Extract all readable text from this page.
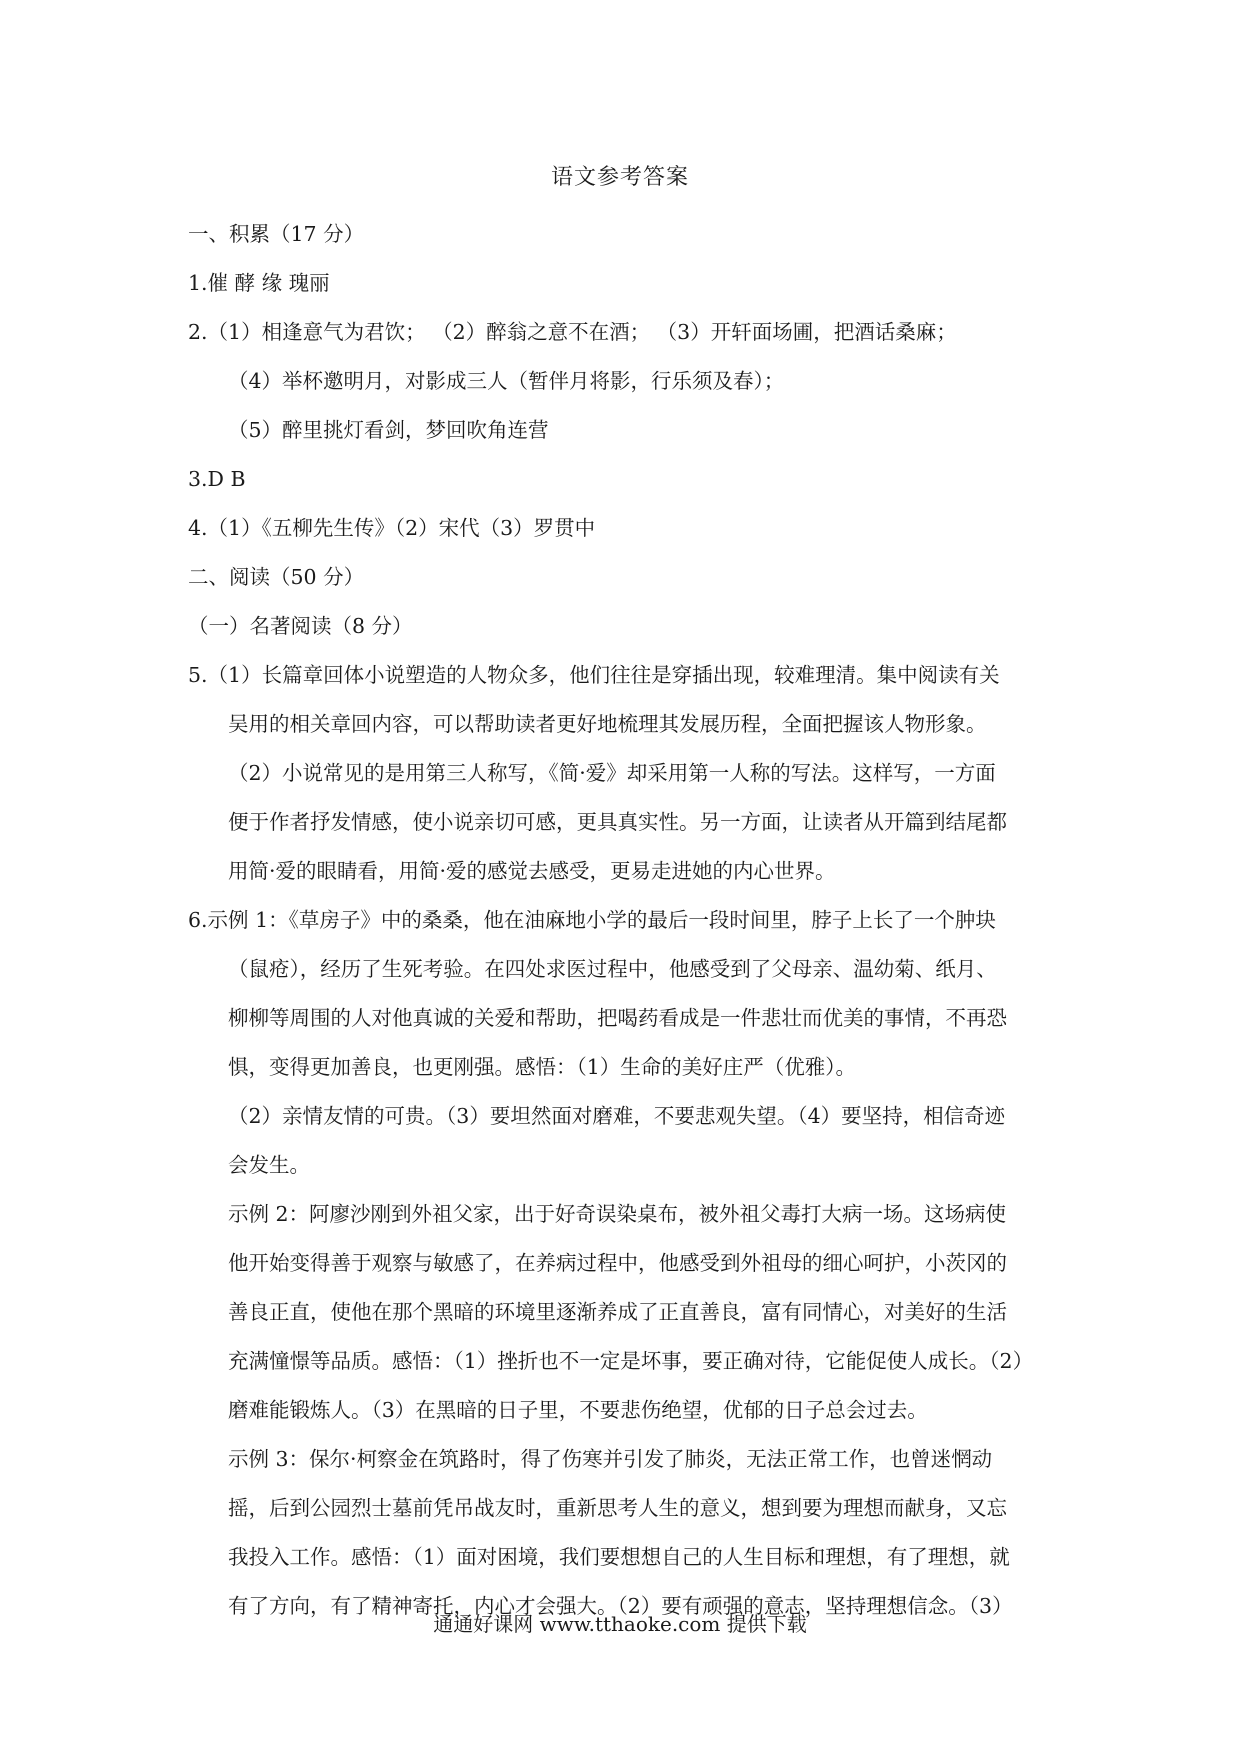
语文参考答案

一、积累（17 分）

1.催 酵 缘 瑰丽

2.（1）相逢意气为君饮； （2）醉翁之意不在酒； （3）开轩面场圃，把酒话桑麻；

（4）举杯邀明月，对影成三人（暂伴月将影，行乐须及春）；

（5）醉里挑灯看剑，梦回吹角连营

3.D B

4.（1）《五柳先生传》（2）宋代（3）罗贯中

二、阅读（50 分）

（一）名著阅读（8 分）

5.（1）长篇章回体小说塑造的人物众多，他们往往是穿插出现，较难理清。集中阅读有关

吴用的相关章回内容，可以帮助读者更好地梳理其发展历程，全面把握该人物形象。

（2）小说常见的是用第三人称写，《简·爱》却采用第一人称的写法。这样写，一方面

便于作者抒发情感，使小说亲切可感，更具真实性。另一方面，让读者从开篇到结尾都

用简·爱的眼睛看，用简·爱的感觉去感受，更易走进她的内心世界。

6.示例 1：《草房子》中的桑桑，他在油麻地小学的最后一段时间里，脖子上长了一个肿块

（鼠疮），经历了生死考验。在四处求医过程中，他感受到了父母亲、温幼菊、纸月、

柳柳等周围的人对他真诚的关爱和帮助，把喝药看成是一件悲壮而优美的事情，不再恐

惧，变得更加善良，也更刚强。感悟：（1）生命的美好庄严（优雅）。

（2）亲情友情的可贵。（3）要坦然面对磨难，不要悲观失望。（4）要坚持，相信奇迹

会发生。

示例 2：阿廖沙刚到外祖父家，出于好奇误染桌布，被外祖父毒打大病一场。这场病使

他开始变得善于观察与敏感了，在养病过程中，他感受到外祖母的细心呵护，小茨冈的

善良正直，使他在那个黑暗的环境里逐渐养成了正直善良，富有同情心，对美好的生活

充满憧憬等品质。感悟：（1）挫折也不一定是坏事，要正确对待，它能促使人成长。（2）

磨难能锻炼人。（3）在黑暗的日子里，不要悲伤绝望，优郁的日子总会过去。

示例 3：保尔·柯察金在筑路时，得了伤寒并引发了肺炎，无法正常工作，也曾迷惘动

摇，后到公园烈士墓前凭吊战友时，重新思考人生的意义，想到要为理想而献身，又忘

我投入工作。感悟：（1）面对困境，我们要想想自己的人生目标和理想，有了理想，就

有了方向，有了精神寄托，内心才会强大。（2）要有顽强的意志，坚持理想信念。（3）

通通好课网 www.tthaoke.com 提供下载
